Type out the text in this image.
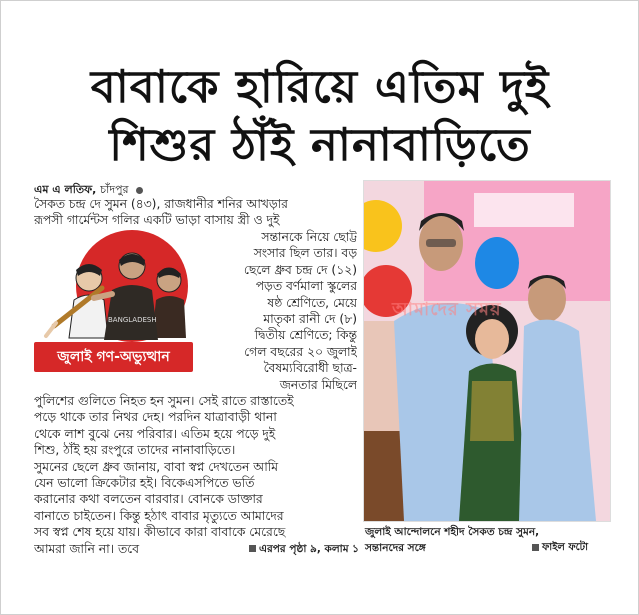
বাবাকে হারিয়ে এতিম দুই
শিশুর ঠাঁই নানাবাড়িতে
এম এ লতিফ, চাঁদপুর
সৈকত চন্দ্র দে সুমন (৪৩), রাজধানীর শনির আখড়ার
রূপসী গার্মেন্টস গলির একটি ভাড়া বাসায় স্ত্রী ও দুই
BANGLADESH
জুলাই গণ-অভ্যুত্থান
সন্তানকে নিয়ে ছোট্ট
সংসার ছিল তার। বড়
ছেলে ধ্রুব চন্দ্র দে (১২)
পড়ত বর্ণমালা স্কুলের
ষষ্ঠ শ্রেণিতে, মেয়ে
মাতৃকা রানী দে (৮)
দ্বিতীয় শ্রেণিতে; কিন্তু
গেল বছরের ২০ জুলাই
বৈষম্যবিরোধী ছাত্র-
জনতার মিছিলে
পুলিশের গুলিতে নিহত হন সুমন। সেই রাতে রাস্তাতেই
পড়ে থাকে তার নিথর দেহ। পরদিন যাত্রাবাড়ী থানা
থেকে লাশ বুঝে নেয় পরিবার। এতিম হয়ে পড়ে দুই
শিশু, ঠাঁই হয় রংপুরে তাদের নানাবাড়িতে।
সুমনের ছেলে ধ্রুব জানায়, বাবা স্বপ্ন দেখতেন আমি
যেন ভালো ক্রিকেটার হই। বিকেএসপিতে ভর্তি
করানোর কথা বলতেন বারবার। বোনকে ডাক্তার
বানাতে চাইতেন। কিন্তু হঠাৎ বাবার মৃত্যুতে আমাদের
সব স্বপ্ন শেষ হয়ে যায়। কীভাবে কারা বাবাকে মেরেছে
আমরা জানি না। তবে	এরপর পৃষ্ঠা ৯, কলাম ১
আমাদের সময়
জুলাই আন্দোলনে শহীদ সৈকত চন্দ্র সুমন,
সন্তানদের সঙ্গে	ফাইল ফটো
